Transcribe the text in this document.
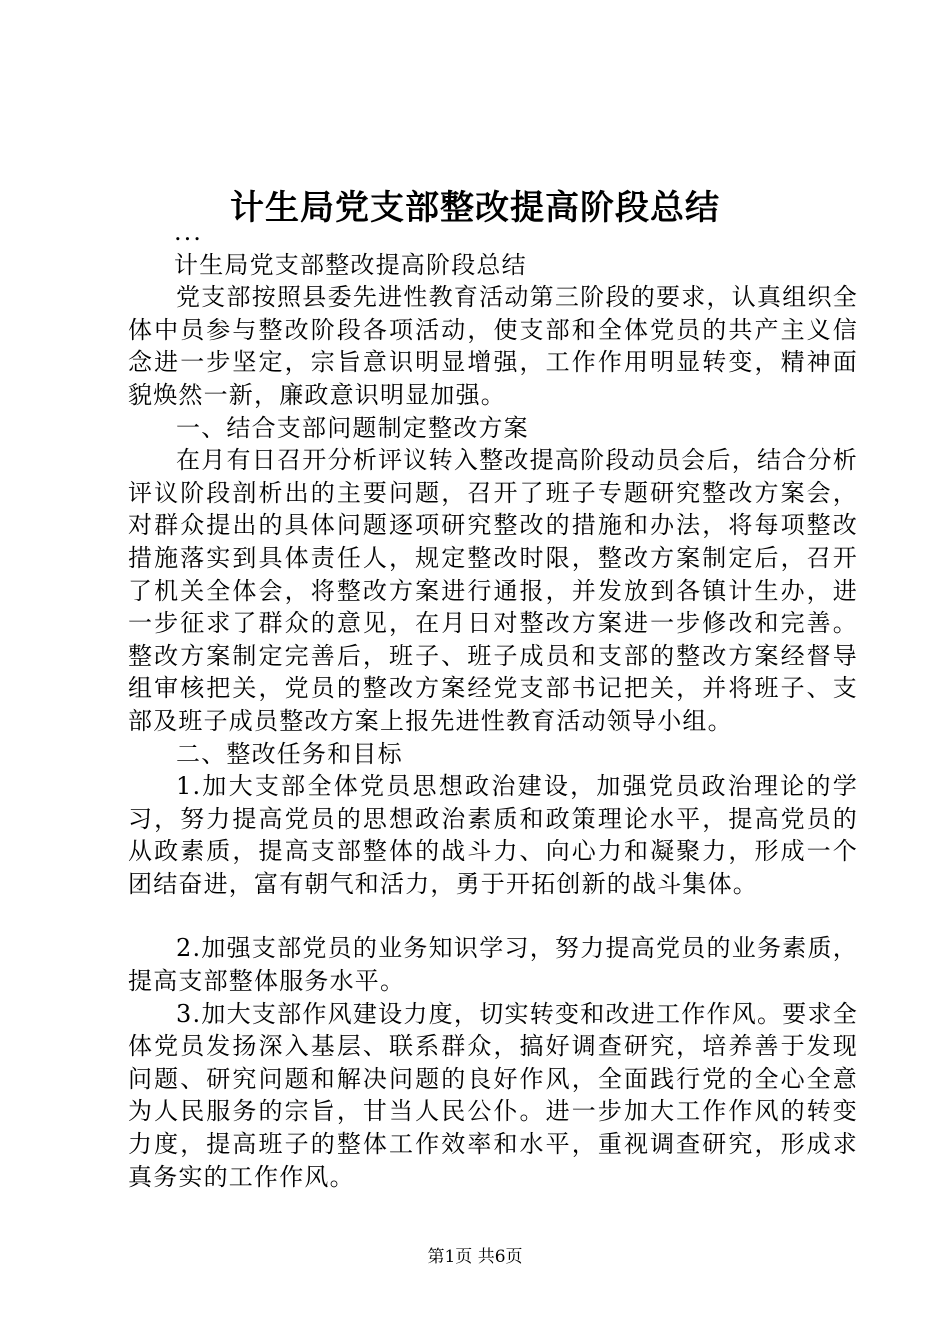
计生局党支部整改提高阶段总结

...

计生局党支部整改提高阶段总结

党支部按照县委先进性教育活动第三阶段的要求，认真组织全体中员参与整改阶段各项活动，使支部和全体党员的共产主义信念进一步坚定，宗旨意识明显增强，工作作用明显转变，精神面貌焕然一新，廉政意识明显加强。

一、结合支部问题制定整改方案

在月有日召开分析评议转入整改提高阶段动员会后，结合分析评议阶段剖析出的主要问题，召开了班子专题研究整改方案会，对群众提出的具体问题逐项研究整改的措施和办法，将每项整改措施落实到具体责任人，规定整改时限，整改方案制定后，召开了机关全体会，将整改方案进行通报，并发放到各镇计生办，进一步征求了群众的意见，在月日对整改方案进一步修改和完善。整改方案制定完善后，班子、班子成员和支部的整改方案经督导组审核把关，党员的整改方案经党支部书记把关，并将班子、支部及班子成员整改方案上报先进性教育活动领导小组。

二、整改任务和目标

1.加大支部全体党员思想政治建设，加强党员政治理论的学习，努力提高党员的思想政治素质和政策理论水平，提高党员的从政素质，提高支部整体的战斗力、向心力和凝聚力，形成一个团结奋进，富有朝气和活力，勇于开拓创新的战斗集体。

2.加强支部党员的业务知识学习，努力提高党员的业务素质，提高支部整体服务水平。

3.加大支部作风建设力度，切实转变和改进工作作风。要求全体党员发扬深入基层、联系群众，搞好调查研究，培养善于发现问题、研究问题和解决问题的良好作风，全面践行党的全心全意为人民服务的宗旨，甘当人民公仆。进一步加大工作作风的转变力度，提高班子的整体工作效率和水平，重视调查研究，形成求真务实的工作作风。

第1页 共6页
